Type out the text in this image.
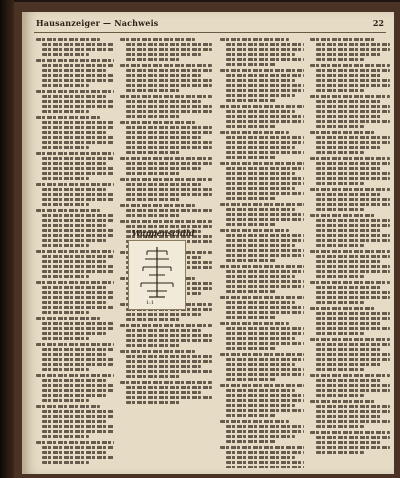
Hausanzeiger — Nachweis	22
Wappenschild
1:1
